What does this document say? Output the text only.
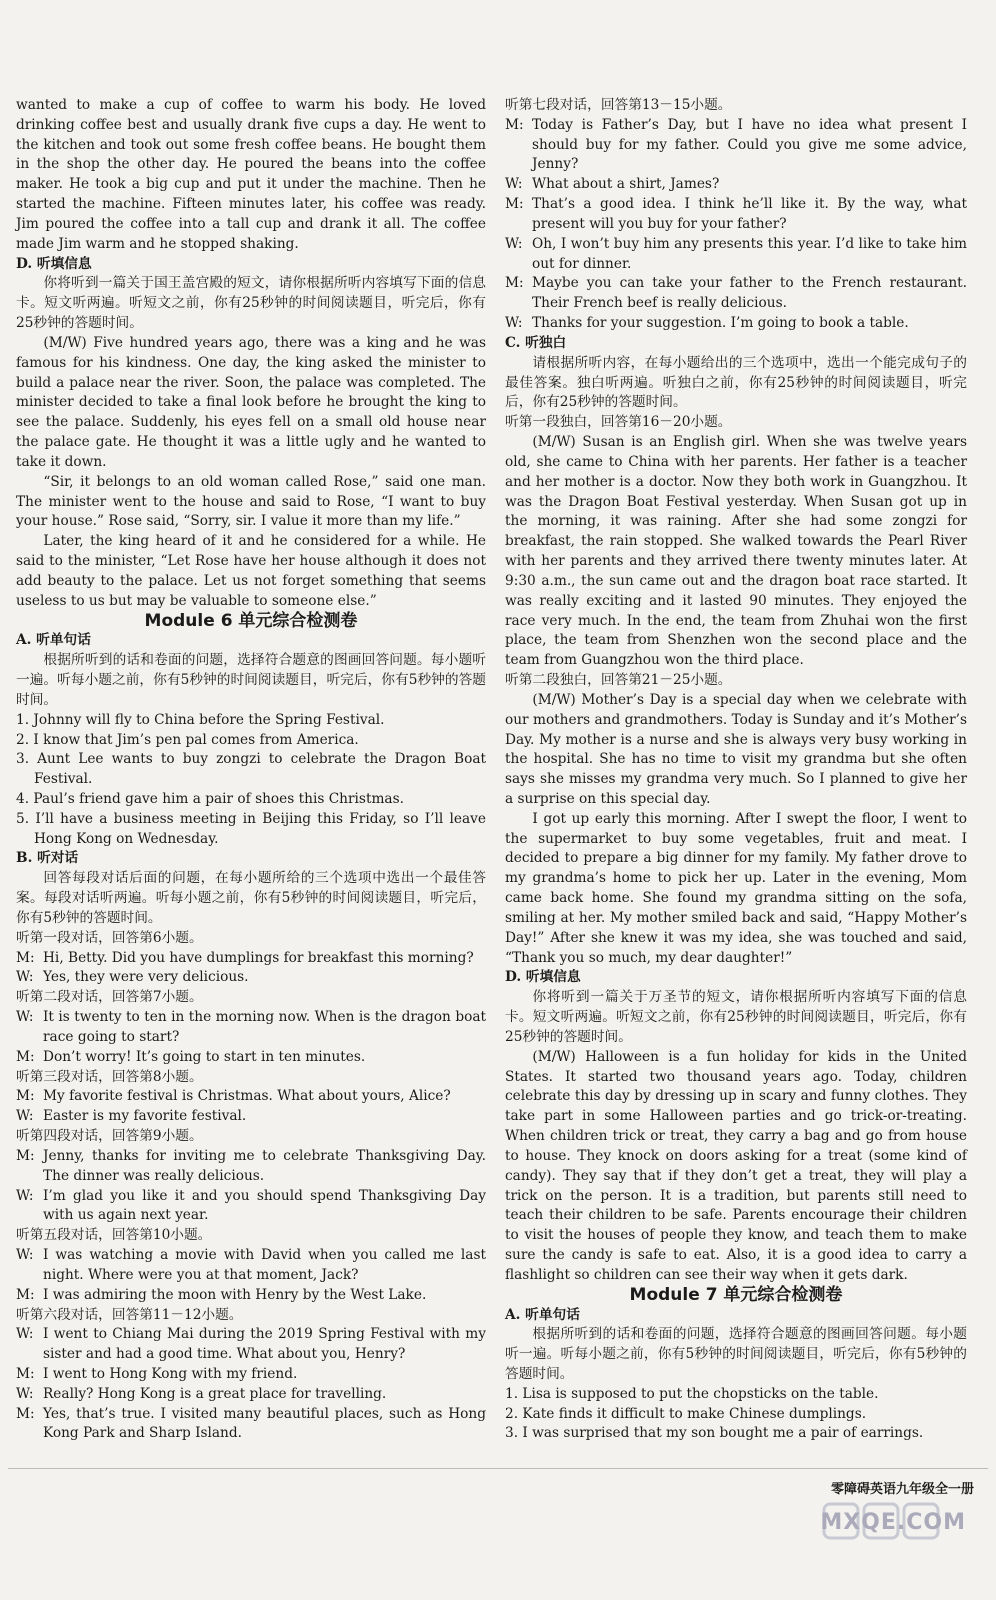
wanted to make a cup of coffee to warm his body. He loved drinking coffee best and usually drank five cups a day. He went to the kitchen and took out some fresh coffee beans. He bought them in the shop the other day. He poured the beans into the coffee maker. He took a big cup and put it under the machine. Then he started the machine. Fifteen minutes later, his coffee was ready. Jim poured the coffee into a tall cup and drank it all. The coffee made Jim warm and he stopped shaking.
D. 听填信息
你将听到一篇关于国王盖宫殿的短文，请你根据所听内容填写下面的信息卡。短文听两遍。听短文之前，你有25秒钟的时间阅读题目，听完后，你有25秒钟的答题时间。
(M/W) Five hundred years ago, there was a king and he was famous for his kindness. One day, the king asked the minister to build a palace near the river. Soon, the palace was completed. The minister decided to take a final look before he brought the king to see the palace. Suddenly, his eyes fell on a small old house near the palace gate. He thought it was a little ugly and he wanted to take it down.
“Sir, it belongs to an old woman called Rose,” said one man. The minister went to the house and said to Rose, “I want to buy your house.” Rose said, “Sorry, sir. I value it more than my life.”
Later, the king heard of it and he considered for a while. He said to the minister, “Let Rose have her house although it does not add beauty to the palace. Let us not forget something that seems useless to us but may be valuable to someone else.”
Module 6 单元综合检测卷
A. 听单句话
根据所听到的话和卷面的问题，选择符合题意的图画回答问题。每小题听一遍。听每小题之前，你有5秒钟的时间阅读题目，听完后，你有5秒钟的答题时间。
1. Johnny will fly to China before the Spring Festival.
2. I know that Jim’s pen pal comes from America.
3. Aunt Lee wants to buy zongzi to celebrate the Dragon Boat Festival.
4. Paul’s friend gave him a pair of shoes this Christmas.
5. I’ll have a business meeting in Beijing this Friday, so I’ll leave Hong Kong on Wednesday.
B. 听对话
回答每段对话后面的问题，在每小题所给的三个选项中选出一个最佳答案。每段对话听两遍。听每小题之前，你有5秒钟的时间阅读题目，听完后，你有5秒钟的答题时间。
听第一段对话，回答第6小题。
M: Hi, Betty. Did you have dumplings for breakfast this morning?
W: Yes, they were very delicious.
听第二段对话，回答第7小题。
W: It is twenty to ten in the morning now. When is the dragon boat race going to start?
M: Don’t worry! It’s going to start in ten minutes.
听第三段对话，回答第8小题。
M: My favorite festival is Christmas. What about yours, Alice?
W: Easter is my favorite festival.
听第四段对话，回答第9小题。
M: Jenny, thanks for inviting me to celebrate Thanksgiving Day. The dinner was really delicious.
W: I’m glad you like it and you should spend Thanksgiving Day with us again next year.
听第五段对话，回答第10小题。
W: I was watching a movie with David when you called me last night. Where were you at that moment, Jack?
M: I was admiring the moon with Henry by the West Lake.
听第六段对话，回答第11－12小题。
W: I went to Chiang Mai during the 2019 Spring Festival with my sister and had a good time. What about you, Henry?
M: I went to Hong Kong with my friend.
W: Really? Hong Kong is a great place for travelling.
M: Yes, that’s true. I visited many beautiful places, such as Hong Kong Park and Sharp Island.
听第七段对话，回答第13－15小题。
M: Today is Father’s Day, but I have no idea what present I should buy for my father. Could you give me some advice, Jenny?
W: What about a shirt, James?
M: That’s a good idea. I think he’ll like it. By the way, what present will you buy for your father?
W: Oh, I won’t buy him any presents this year. I’d like to take him out for dinner.
M: Maybe you can take your father to the French restaurant. Their French beef is really delicious.
W: Thanks for your suggestion. I’m going to book a table.
C. 听独白
请根据所听内容，在每小题给出的三个选项中，选出一个能完成句子的最佳答案。独白听两遍。听独白之前，你有25秒钟的时间阅读题目，听完后，你有25秒钟的答题时间。
听第一段独白，回答第16－20小题。
(M/W) Susan is an English girl. When she was twelve years old, she came to China with her parents. Her father is a teacher and her mother is a doctor. Now they both work in Guangzhou. It was the Dragon Boat Festival yesterday. When Susan got up in the morning, it was raining. After she had some zongzi for breakfast, the rain stopped. She walked towards the Pearl River with her parents and they arrived there twenty minutes later. At 9:30 a.m., the sun came out and the dragon boat race started. It was really exciting and it lasted 90 minutes. They enjoyed the race very much. In the end, the team from Zhuhai won the first place, the team from Shenzhen won the second place and the team from Guangzhou won the third place.
听第二段独白，回答第21－25小题。
(M/W) Mother’s Day is a special day when we celebrate with our mothers and grandmothers. Today is Sunday and it’s Mother’s Day. My mother is a nurse and she is always very busy working in the hospital. She has no time to visit my grandma but she often says she misses my grandma very much. So I planned to give her a surprise on this special day.
I got up early this morning. After I swept the floor, I went to the supermarket to buy some vegetables, fruit and meat. I decided to prepare a big dinner for my family. My father drove to my grandma’s home to pick her up. Later in the evening, Mom came back home. She found my grandma sitting on the sofa, smiling at her. My mother smiled back and said, “Happy Mother’s Day!” After she knew it was my idea, she was touched and said, “Thank you so much, my dear daughter!”
D. 听填信息
你将听到一篇关于万圣节的短文，请你根据所听内容填写下面的信息卡。短文听两遍。听短文之前，你有25秒钟的时间阅读题目，听完后，你有25秒钟的答题时间。
(M/W) Halloween is a fun holiday for kids in the United States. It started two thousand years ago. Today, children celebrate this day by dressing up in scary and funny clothes. They take part in some Halloween parties and go trick-or-treating. When children trick or treat, they carry a bag and go from house to house. They knock on doors asking for a treat (some kind of candy). They say that if they don’t get a treat, they will play a trick on the person. It is a tradition, but parents still need to teach their children to be safe. Parents encourage their children to visit the houses of people they know, and teach them to make sure the candy is safe to eat. Also, it is a good idea to carry a flashlight so children can see their way when it gets dark.
Module 7 单元综合检测卷
A. 听单句话
根据所听到的话和卷面的问题，选择符合题意的图画回答问题。每小题听一遍。听每小题之前，你有5秒钟的时间阅读题目，听完后，你有5秒钟的答题时间。
1. Lisa is supposed to put the chopsticks on the table.
2. Kate finds it difficult to make Chinese dumplings.
3. I was surprised that my son bought me a pair of earrings.
零障碍英语九年级全一册
MXQE.COM
